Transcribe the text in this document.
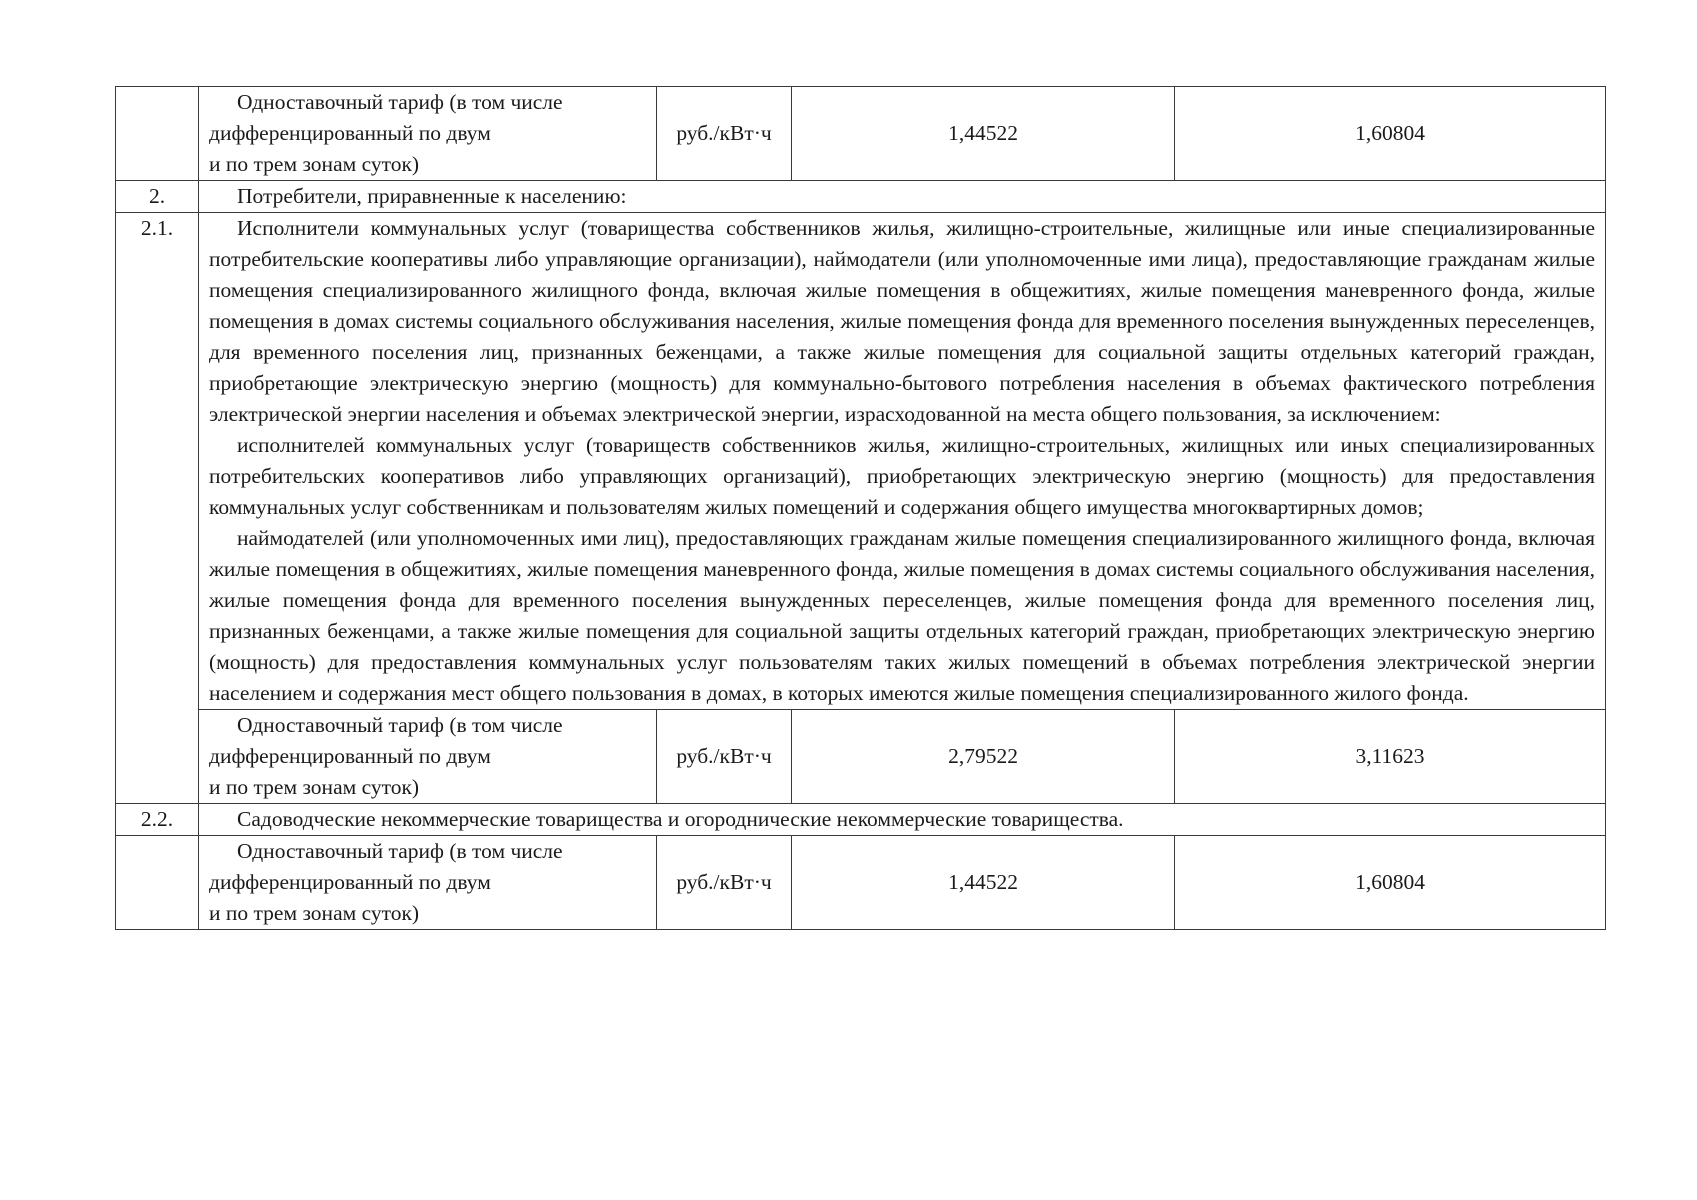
	Одноставочный тариф (в том числе
дифференцированный по двум
и по трем зонам суток)	руб./кВт·ч	1,44522	1,60804
2.	Потребители, приравненные к населению:			

2.1.	Исполнители коммунальных услуг (товарищества собственников жилья, жилищно-строительные, жилищные или иные специализированные потребительские кооперативы либо управляющие организации), наймодатели (или уполномоченные ими лица), предоставляющие гражданам жилые помещения специализированного жилищного фонда, включая жилые помещения в общежитиях, жилые помещения маневренного фонда, жилые помещения в домах системы социального обслуживания населения, жилые помещения фонда для временного поселения вынужденных переселенцев, для временного поселения лиц, признанных беженцами, а также жилые помещения для социальной защиты отдельных категорий граждан, приобретающие электрическую энергию (мощность) для коммунально-бытового потребления населения в объемах фактического потребления электрической энергии населения и объемах электрической энергии, израсходованной на места общего пользования, за исключением:

исполнителей коммунальных услуг (товариществ собственников жилья, жилищно-строительных, жилищных или иных специализированных потребительских кооперативов либо управляющих организаций), приобретающих электрическую энергию (мощность) для предоставления коммунальных услуг собственникам и пользователям жилых помещений и содержания общего имущества многоквартирных домов;

наймодателей (или уполномоченных ими лиц), предоставляющих гражданам жилые помещения специализированного жилищного фонда, включая жилые помещения в общежитиях, жилые помещения маневренного фонда, жилые помещения в домах системы социального обслуживания населения, жилые помещения фонда для временного поселения вынужденных переселенцев, жилые помещения фонда для временного поселения лиц, признанных беженцами, а также жилые помещения для социальной защиты отдельных категорий граждан, приобретающих электрическую энергию (мощность) для предоставления коммунальных услуг пользователям таких жилых помещений в объемах потребления электрической энергии населением и содержания мест общего пользования в домах, в которых имеются жилые помещения специализированного жилого фонда.			

	Одноставочный тариф (в том числе
дифференцированный по двум
и по трем зонам суток)	руб./кВт·ч	2,79522	3,11623
2.2.	Садоводческие некоммерческие товарищества и огороднические некоммерческие товарищества.			

	Одноставочный тариф (в том числе
дифференцированный по двум
и по трем зонам суток)	руб./кВт·ч	1,44522	1,60804
